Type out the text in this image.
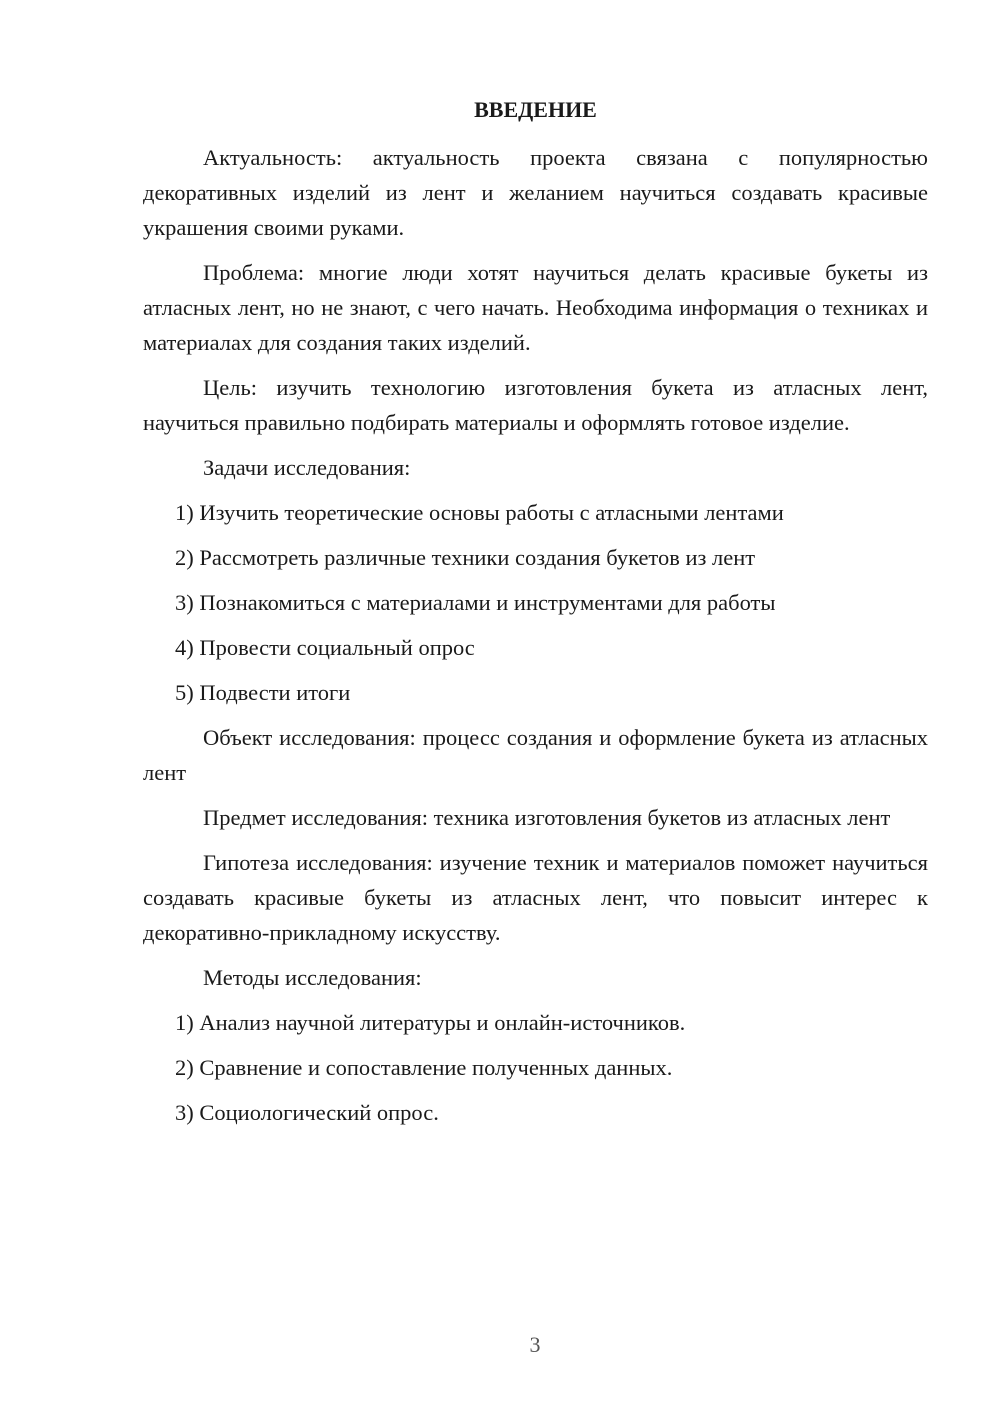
ВВЕДЕНИЕ

Актуальность: актуальность проекта связана с популярностью декоративных изделий из лент и желанием научиться создавать красивые украшения своими руками.

Проблема: многие люди хотят научиться делать красивые букеты из атласных лент, но не знают, с чего начать. Необходима информация о техниках и материалах для создания таких изделий.

Цель: изучить технологию изготовления букета из атласных лент, научиться правильно подбирать материалы и оформлять готовое изделие.

Задачи исследования:

1) Изучить теоретические основы работы с атласными лентами
2) Рассмотреть различные техники создания букетов из лент
3) Познакомиться с материалами и инструментами для работы
4) Провести социальный опрос
5) Подвести итоги

Объект исследования: процесс создания и оформление букета из атласных лент

Предмет исследования: техника изготовления букетов из атласных лент

Гипотеза исследования: изучение техник и материалов поможет научиться создавать красивые букеты из атласных лент, что повысит интерес к декоративно-прикладному искусству.

Методы исследования:

1) Анализ научной литературы и онлайн-источников.
2) Сравнение и сопоставление полученных данных.
3) Социологический опрос.
3
